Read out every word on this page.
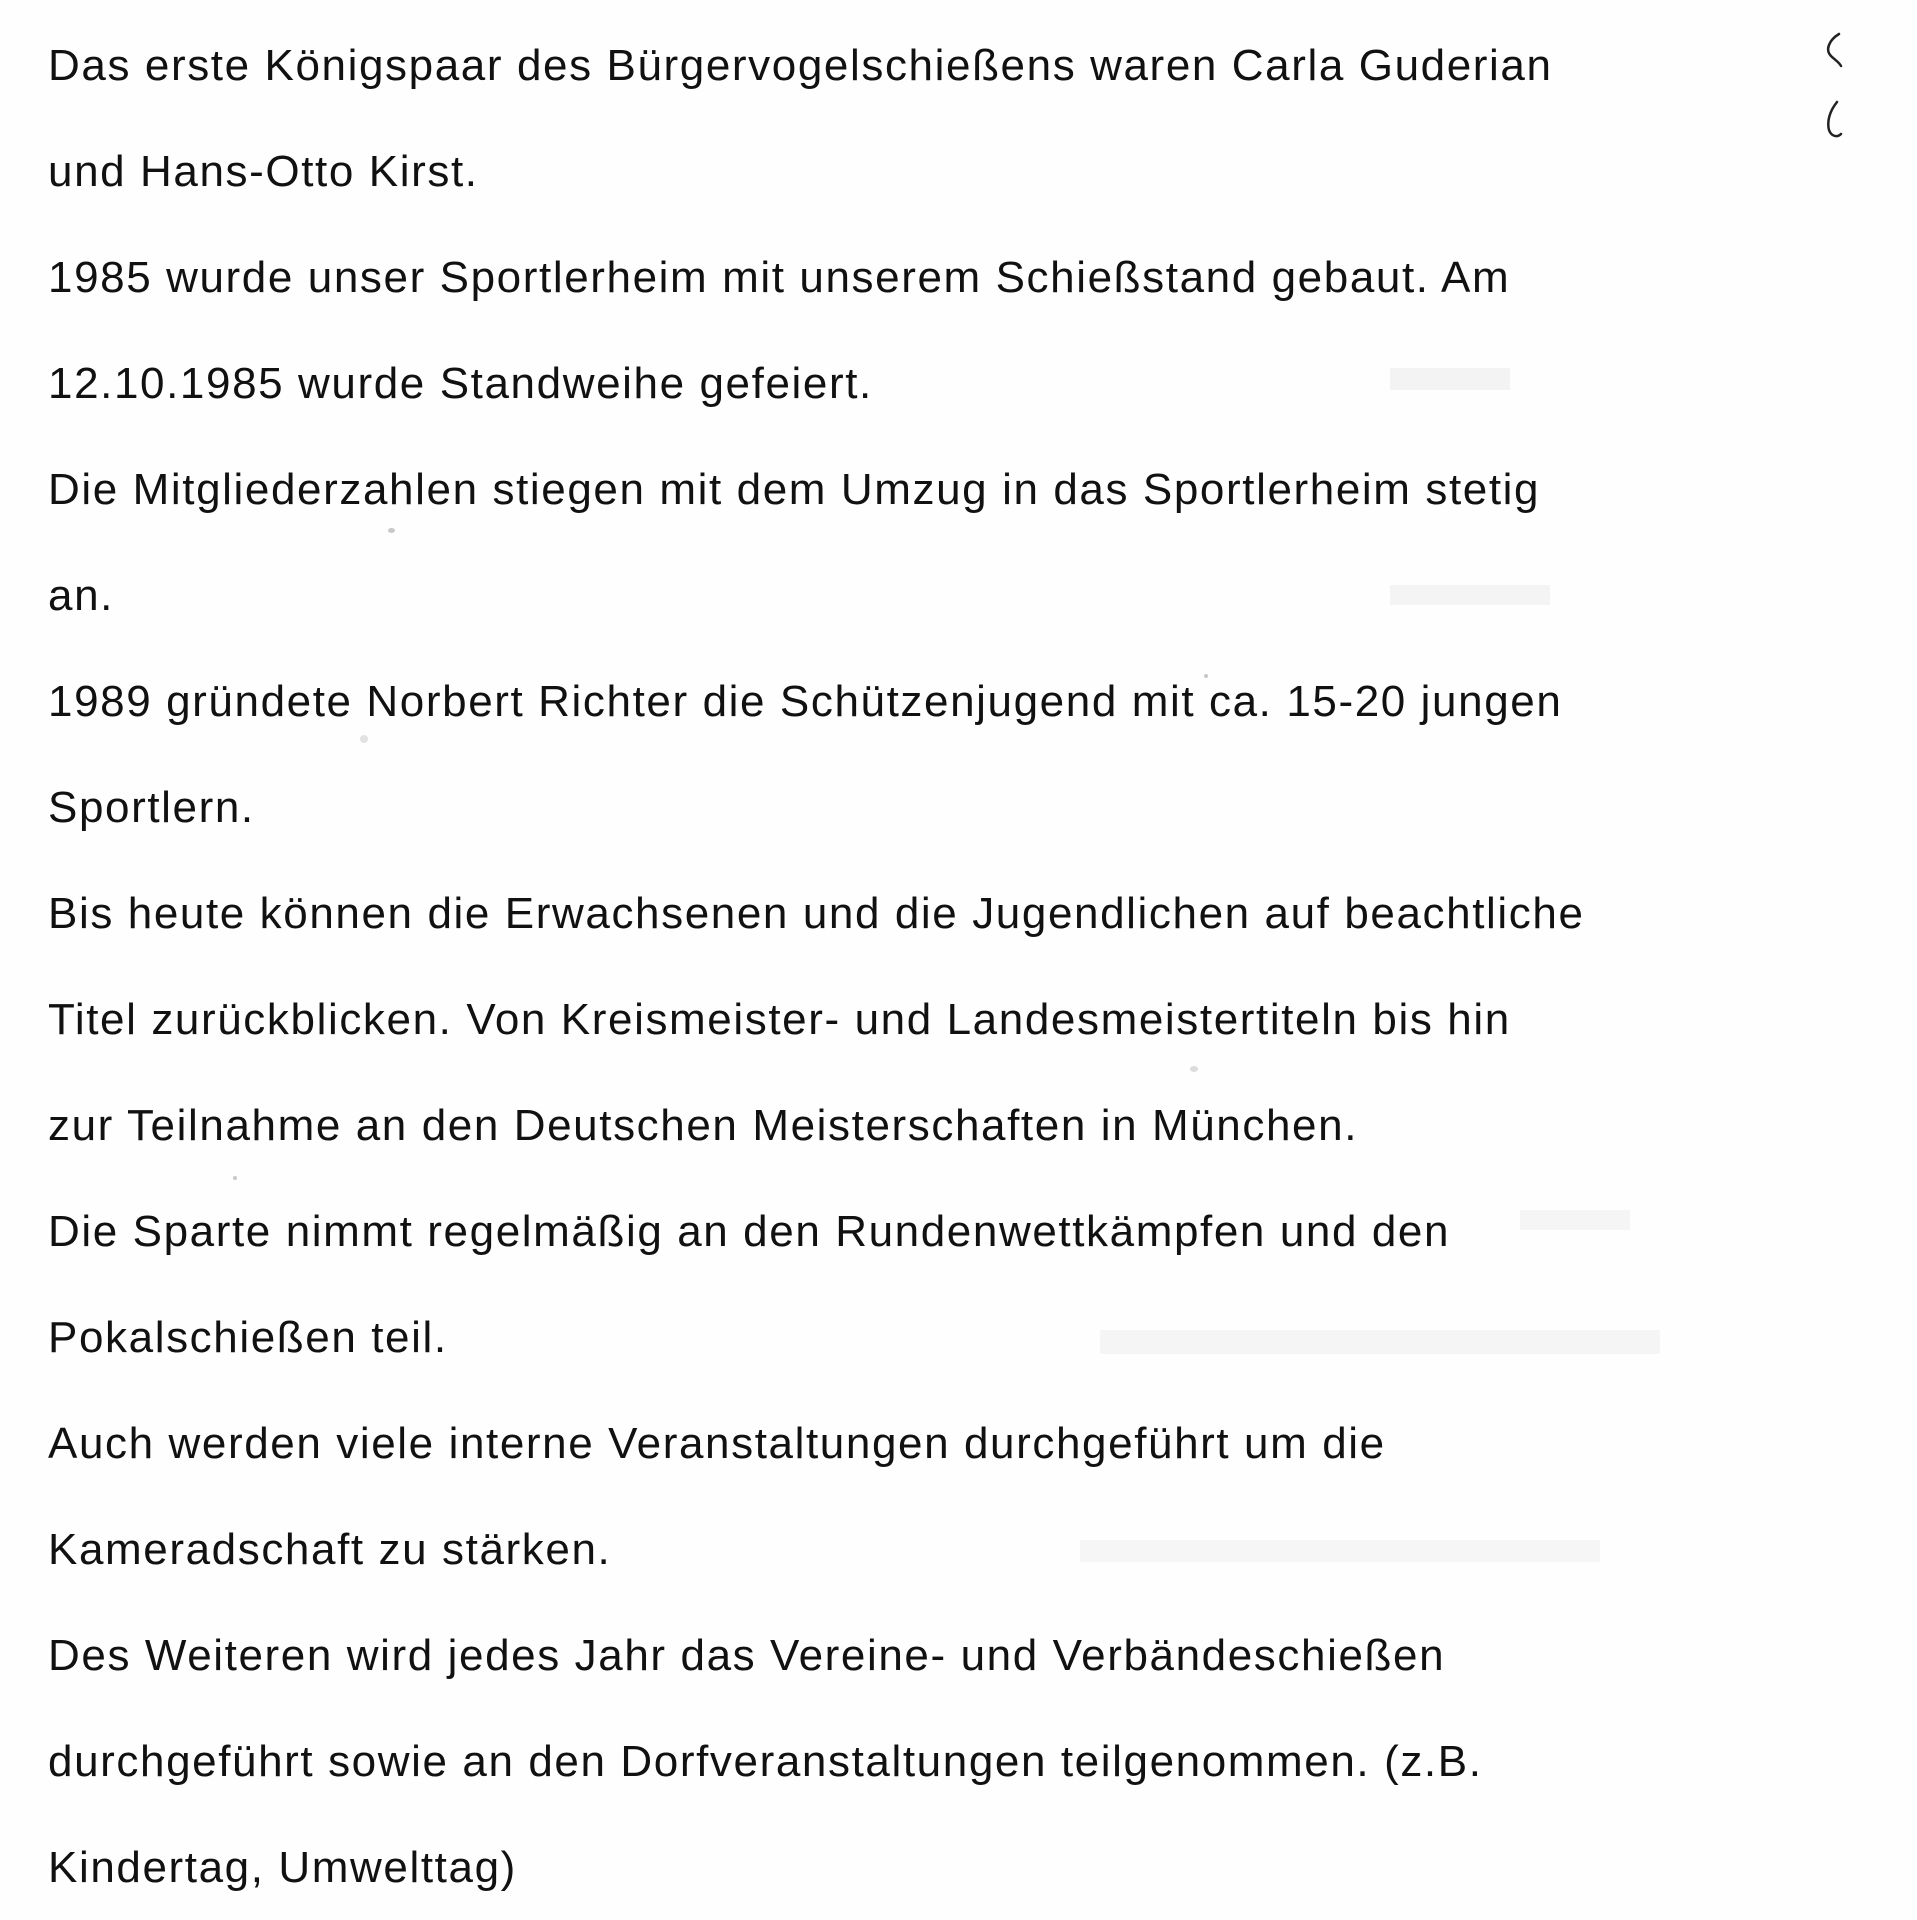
Das erste Königspaar des Bürgervogelschießens waren Carla Guderian

und Hans-Otto Kirst.

1985 wurde unser Sportlerheim mit unserem Schießstand gebaut. Am

12.10.1985 wurde Standweihe gefeiert.

Die Mitgliederzahlen stiegen mit dem Umzug in das Sportlerheim stetig

an.

1989 gründete Norbert Richter die Schützenjugend mit ca. 15-20 jungen

Sportlern.

Bis heute können die Erwachsenen und die Jugendlichen auf beachtliche

Titel zurückblicken. Von Kreismeister- und Landesmeistertiteln bis hin

zur Teilnahme an den Deutschen Meisterschaften in München.

Die Sparte nimmt regelmäßig an den Rundenwettkämpfen und den

Pokalschießen teil.

Auch werden viele interne Veranstaltungen durchgeführt um die

Kameradschaft zu stärken.

Des Weiteren wird jedes Jahr das Vereine- und Verbändeschießen

durchgeführt sowie an den Dorfveranstaltungen teilgenommen. (z.B.

Kindertag, Umwelttag)
